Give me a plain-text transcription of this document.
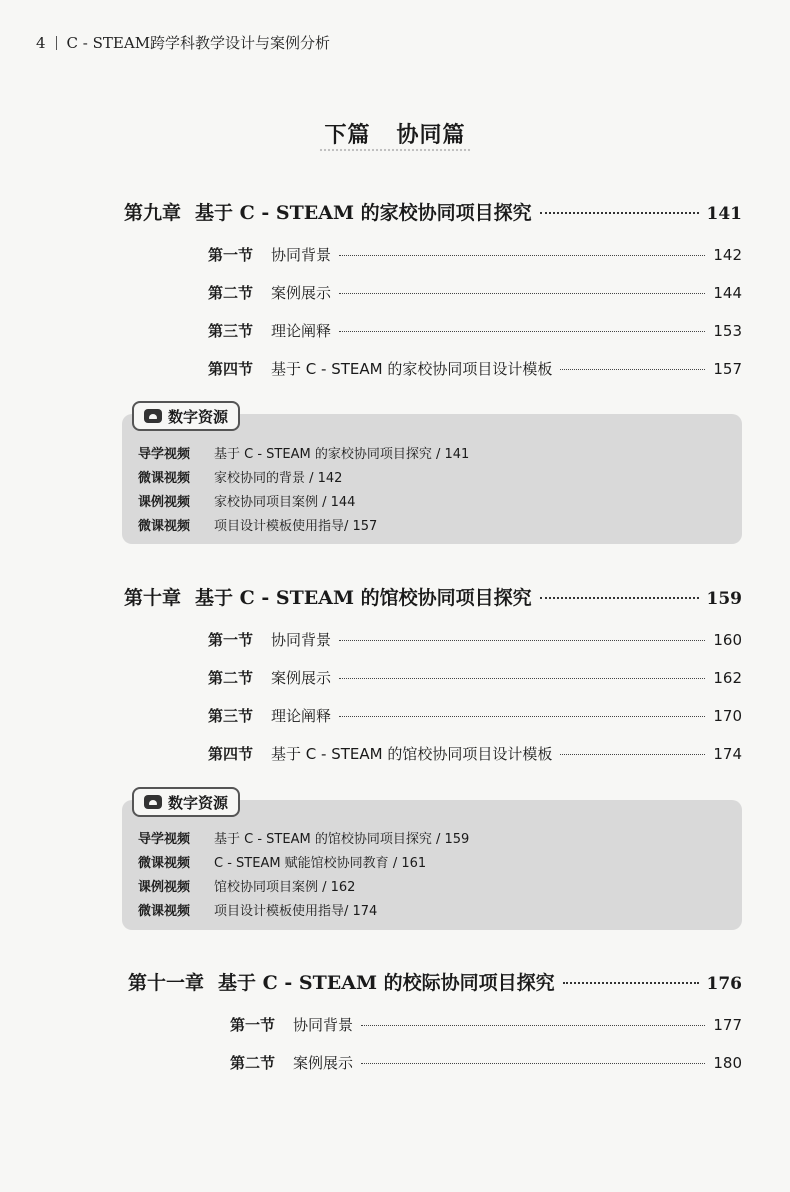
4 C - STEAM跨学科教学设计与案例分析
下篇   协同篇
第九章 基于 C - STEAM 的家校协同项目探究	141
第一节 协同背景	142
第二节 案例展示	144
第三节 理论阐释	153
第四节 基于 C - STEAM 的家校协同项目设计模板	157
数字资源
导学视频	基于 C - STEAM 的家校协同项目探究 / 141
微课视频	家校协同的背景 / 142
课例视频	家校协同项目案例 / 144
微课视频	项目设计模板使用指导/ 157
第十章 基于 C - STEAM 的馆校协同项目探究	159
第一节 协同背景	160
第二节 案例展示	162
第三节 理论阐释	170
第四节 基于 C - STEAM 的馆校协同项目设计模板	174
数字资源
导学视频	基于 C - STEAM 的馆校协同项目探究 / 159
微课视频	C - STEAM 赋能馆校协同教育 / 161
课例视频	馆校协同项目案例 / 162
微课视频	项目设计模板使用指导/ 174
第十一章 基于 C - STEAM 的校际协同项目探究	176
第一节 协同背景	177
第二节 案例展示	180
